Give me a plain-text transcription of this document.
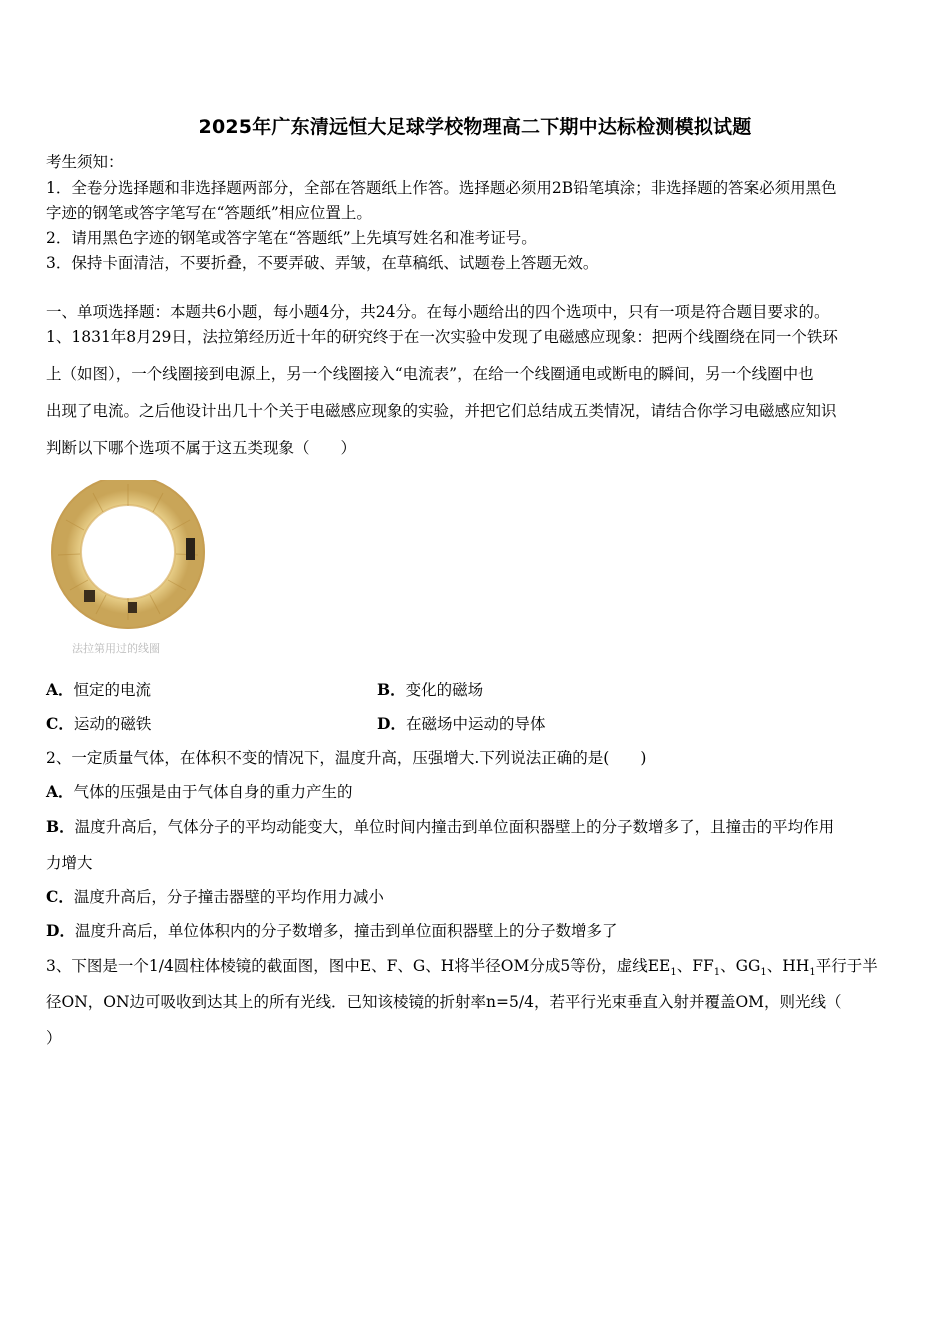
2025年广东清远恒大足球学校物理高二下期中达标检测模拟试题
考生须知：
1．全卷分选择题和非选择题两部分，全部在答题纸上作答。选择题必须用2B铅笔填涂；非选择题的答案必须用黑色
字迹的钢笔或答字笔写在“答题纸”相应位置上。
2．请用黑色字迹的钢笔或答字笔在“答题纸”上先填写姓名和准考证号。
3．保持卡面清洁，不要折叠，不要弄破、弄皱，在草稿纸、试题卷上答题无效。
一、单项选择题：本题共6小题，每小题4分，共24分。在每小题给出的四个选项中，只有一项是符合题目要求的。
1、1831年8月29日，法拉第经历近十年的研究终于在一次实验中发现了电磁感应现象：把两个线圈绕在同一个铁环
上（如图），一个线圈接到电源上，另一个线圈接入“电流表”，在给一个线圈通电或断电的瞬间，另一个线圈中也
出现了电流。之后他设计出几十个关于电磁感应现象的实验，并把它们总结成五类情况，请结合你学习电磁感应知识
判断以下哪个选项不属于这五类现象（　　）
法拉第用过的线圈
A．恒定的电流	B．变化的磁场
C．运动的磁铁	D．在磁场中运动的导体
2、一定质量气体，在体积不变的情况下，温度升高，压强增大.下列说法正确的是(　　)
A．气体的压强是由于气体自身的重力产生的
B．温度升高后，气体分子的平均动能变大，单位时间内撞击到单位面积器壁上的分子数增多了，且撞击的平均作用
力增大
C．温度升高后，分子撞击器壁的平均作用力减小
D．温度升高后，单位体积内的分子数增多，撞击到单位面积器壁上的分子数增多了
3、下图是一个1/4圆柱体棱镜的截面图，图中E、F、G、H将半径OM分成5等份，虚线$EE_1$、$FF_1$、$GG_1$、$HH_1$平行于半
径ON，ON边可吸收到达其上的所有光线．已知该棱镜的折射率n=5/4，若平行光束垂直入射并覆盖OM，则光线（
）
